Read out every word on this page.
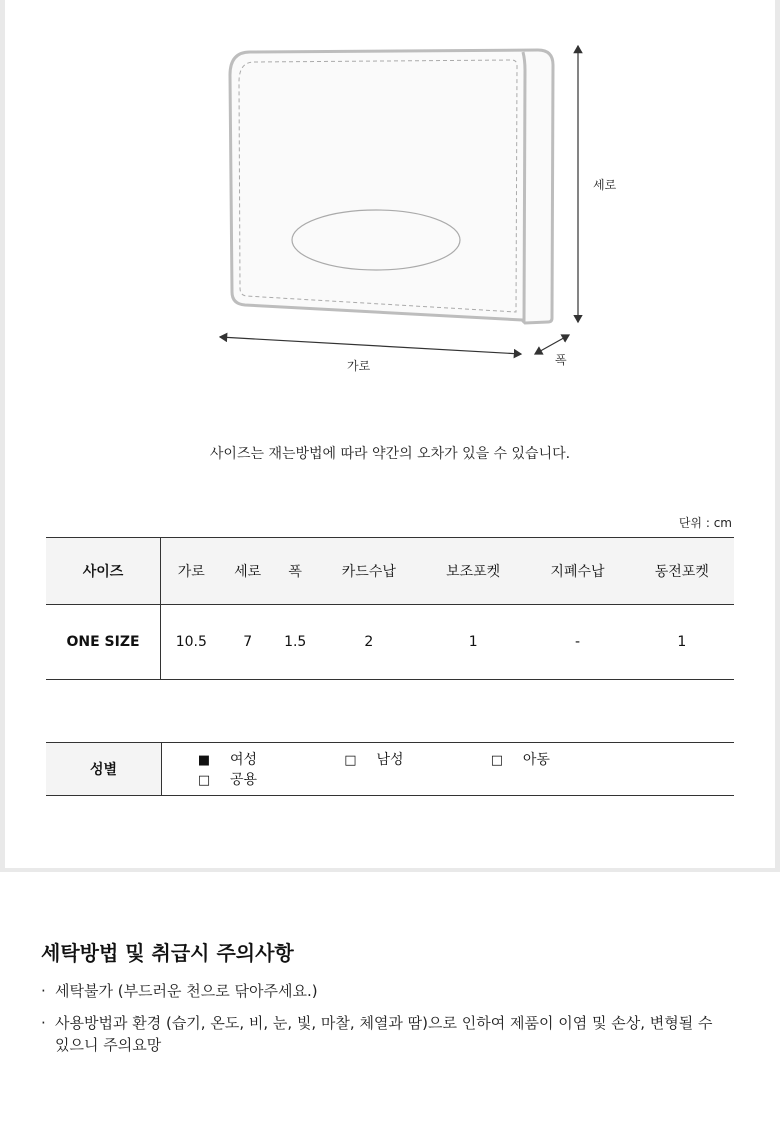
세로
가로	폭
사이즈는 재는방법에 따라 약간의 오차가 있을 수 있습니다.
단위 : cm
사이즈	가로	세로	폭	카드수납	보조포켓	지폐수납	동전포켓
ONE SIZE	10.5	7	1.5	2	1	-	1
성별	■ 여성	□ 남성	□ 아동 □ 공용
세탁방법 및 취급시 주의사항
· 세탁불가 (부드러운 천으로 닦아주세요.)
· 사용방법과 환경 (습기, 온도, 비, 눈, 빛, 마찰, 체열과 땀)으로 인하여 제품이 이염 및 손상, 변형될 수 있으니 주의요망
